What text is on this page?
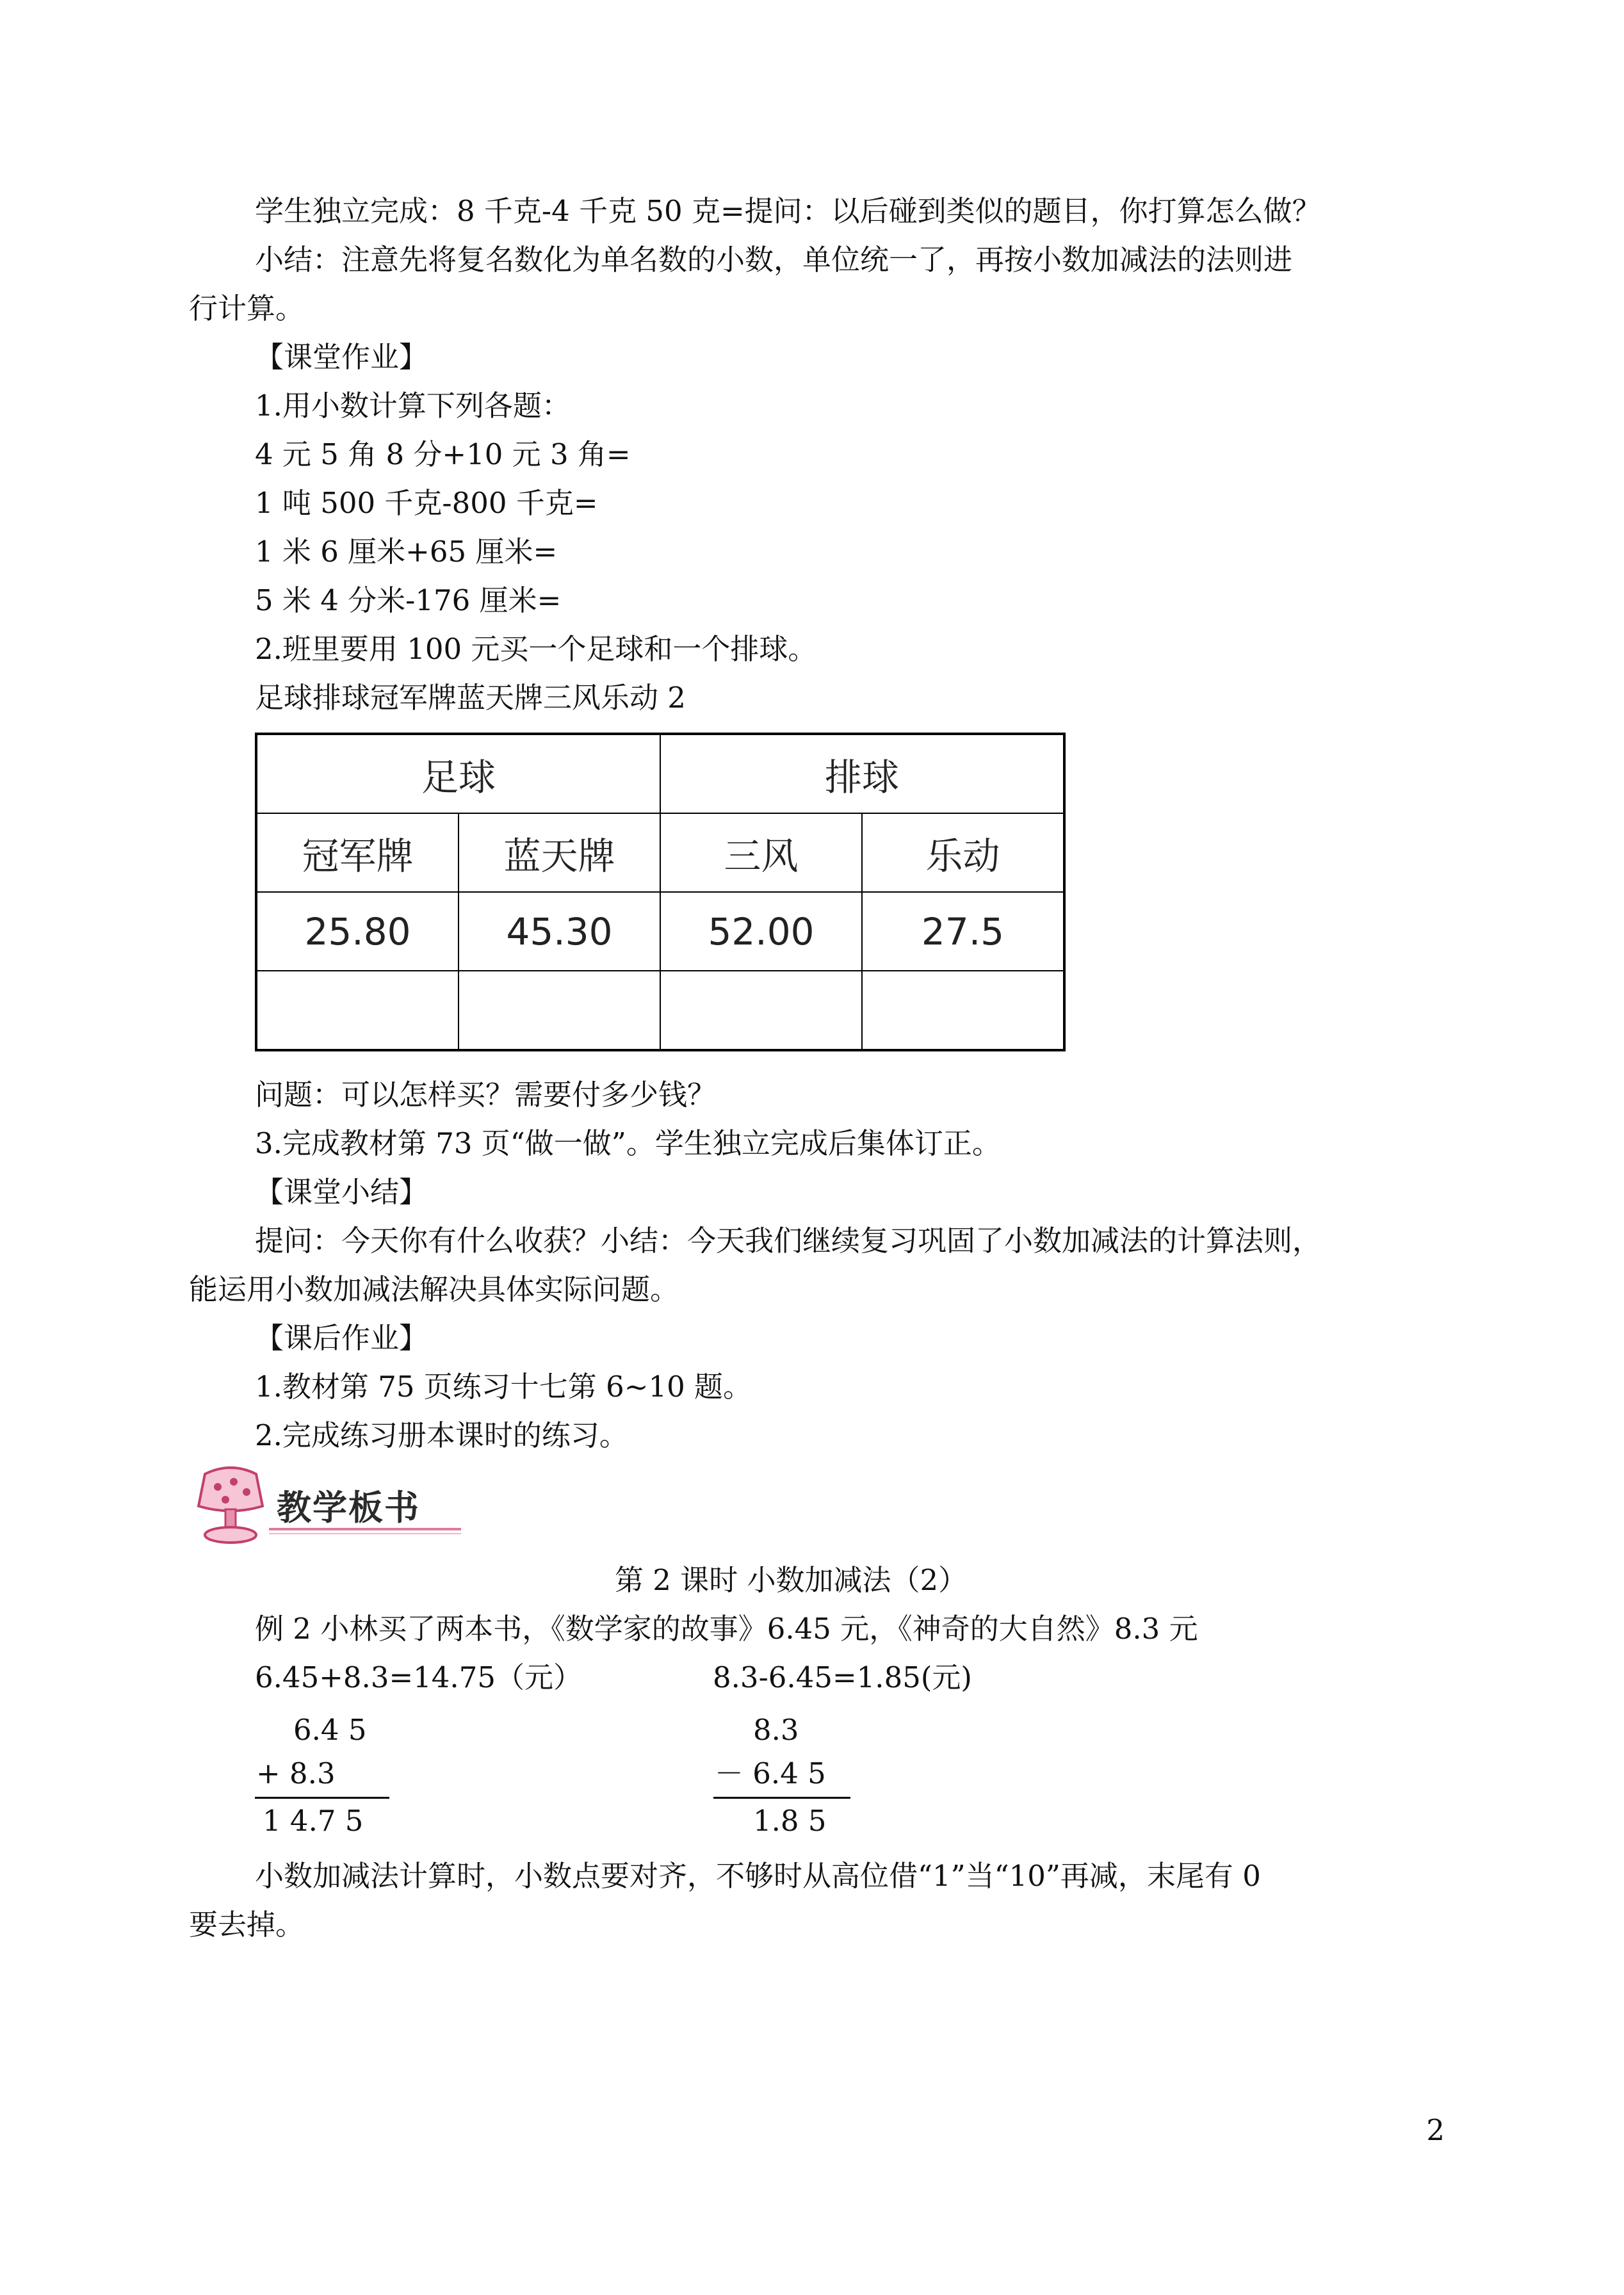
学生独立完成：8 千克-4 千克 50 克=提问：以后碰到类似的题目，你打算怎么做？
小结：注意先将复名数化为单名数的小数，单位统一了，再按小数加减法的法则进
行计算。
【课堂作业】
1.用小数计算下列各题：
4 元 5 角 8 分+10 元 3 角=
1 吨 500 千克-800 千克=
1 米 6 厘米+65 厘米=
5 米 4 分米-176 厘米=
2.班里要用 100 元买一个足球和一个排球。
足球排球冠军牌蓝天牌三风乐动 2
足球		排球	
冠军牌	蓝天牌	三风	乐动
25.80	45.30	52.00	27.5

问题：可以怎样买？需要付多少钱？
3.完成教材第 73 页“做一做”。学生独立完成后集体订正。
【课堂小结】
提问：今天你有什么收获？小结：今天我们继续复习巩固了小数加减法的计算法则，
能运用小数加减法解决具体实际问题。
【课后作业】
1.教材第 75 页练习十七第 6~10 题。
2.完成练习册本课时的练习。
教学板书
第 2 课时 小数加减法（2）
例 2 小林买了两本书，《数学家的故事》6.45 元，《神奇的大自然》8.3 元
6.45+8.3=14.75（元）	8.3-6.45=1.85(元)
6.4 5
+ 8.3
1 4.7 5
8.3
－ 6.4 5
1.8 5
小数加减法计算时，小数点要对齐，不够时从高位借“1”当“10”再减，末尾有 0
要去掉。
2
